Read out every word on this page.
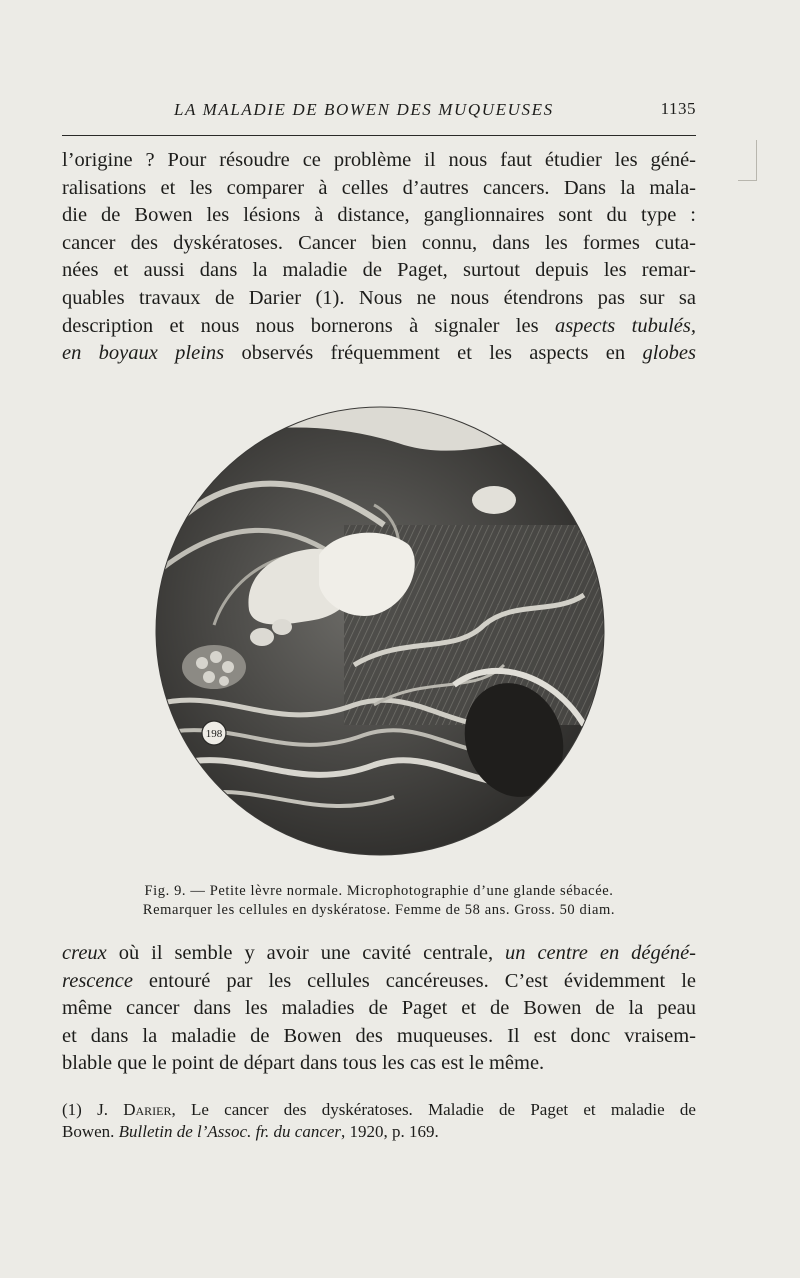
LA MALADIE DE BOWEN DES MUQUEUSES	1135
l’origine ? Pour résoudre ce problème il nous faut étudier les géné-
ralisations et les comparer à celles d’autres cancers. Dans la mala-
die de Bowen les lésions à distance, ganglionnaires sont du type :
cancer des dyskératoses. Cancer bien connu, dans les formes cuta-
nées et aussi dans la maladie de Paget, surtout depuis les remar-
quables travaux de Darier (1). Nous ne nous étendrons pas sur sa
description et nous nous bornerons à signaler les aspects tubulés,
en boyaux pleins observés fréquemment et les aspects en globes
198
Fig. 9. — Petite lèvre normale. Microphotographie d’une glande sébacée.
Remarquer les cellules en dyskératose. Femme de 58 ans. Gross. 50 diam.
creux où il semble y avoir une cavité centrale, un centre en dégéné-
rescence entouré par les cellules cancéreuses. C’est évidemment le
même cancer dans les maladies de Paget et de Bowen de la peau
et dans la maladie de Bowen des muqueuses. Il est donc vraisem-
blable que le point de départ dans tous les cas est le même.
(1) J. Darier, Le cancer des dyskératoses. Maladie de Paget et maladie de
Bowen. Bulletin de l’Assoc. fr. du cancer, 1920, p. 169.
